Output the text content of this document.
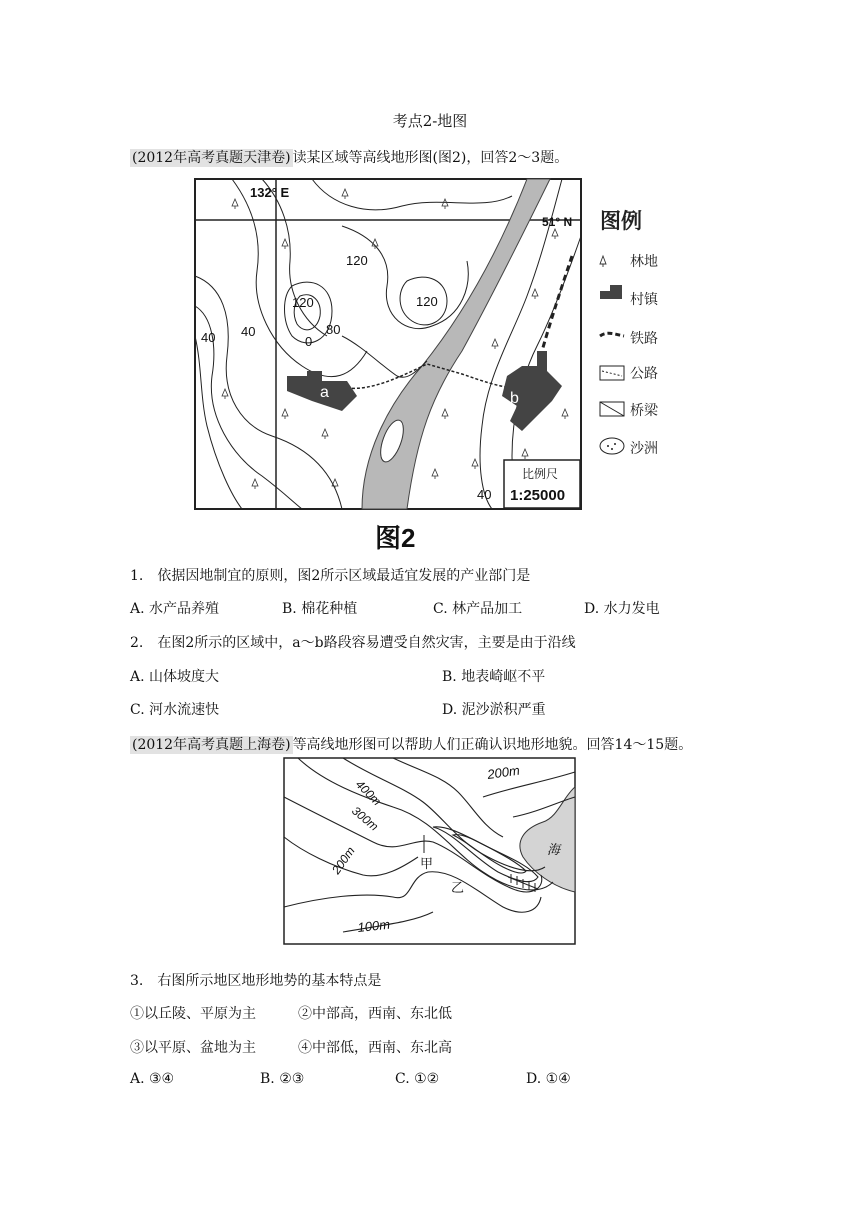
考点2-地图
(2012年高考真题天津卷) 读某区域等高线地形图(图2)，回答2～3题。
a	b
132° E
51° N
120
120	120
80
0
40 40
40
比例尺
1:25000
图2
图例
林地
村镇
铁路
公路
桥梁
沙洲
1.　依据因地制宜的原则，图2所示区域最适宜发展的产业部门是
A. 水产品养殖	B. 棉花种植	C. 林产品加工	D. 水力发电
2.　在图2所示的区域中，a～b路段容易遭受自然灾害，主要是由于沿线
A. 山体坡度大	B. 地表崎岖不平
C. 河水流速快	D. 泥沙淤积严重
(2012年高考真题上海卷) 等高线地形图可以帮助人们正确认识地形地貌。回答14～15题。
200m
400m
300m
200m
100m
甲
乙
海
3.　右图所示地区地形地势的基本特点是
①以丘陵、平原为主	②中部高，西南、东北低
③以平原、盆地为主	④中部低，西南、东北高
A. ③④	B. ②③	C. ①②	D. ①④
